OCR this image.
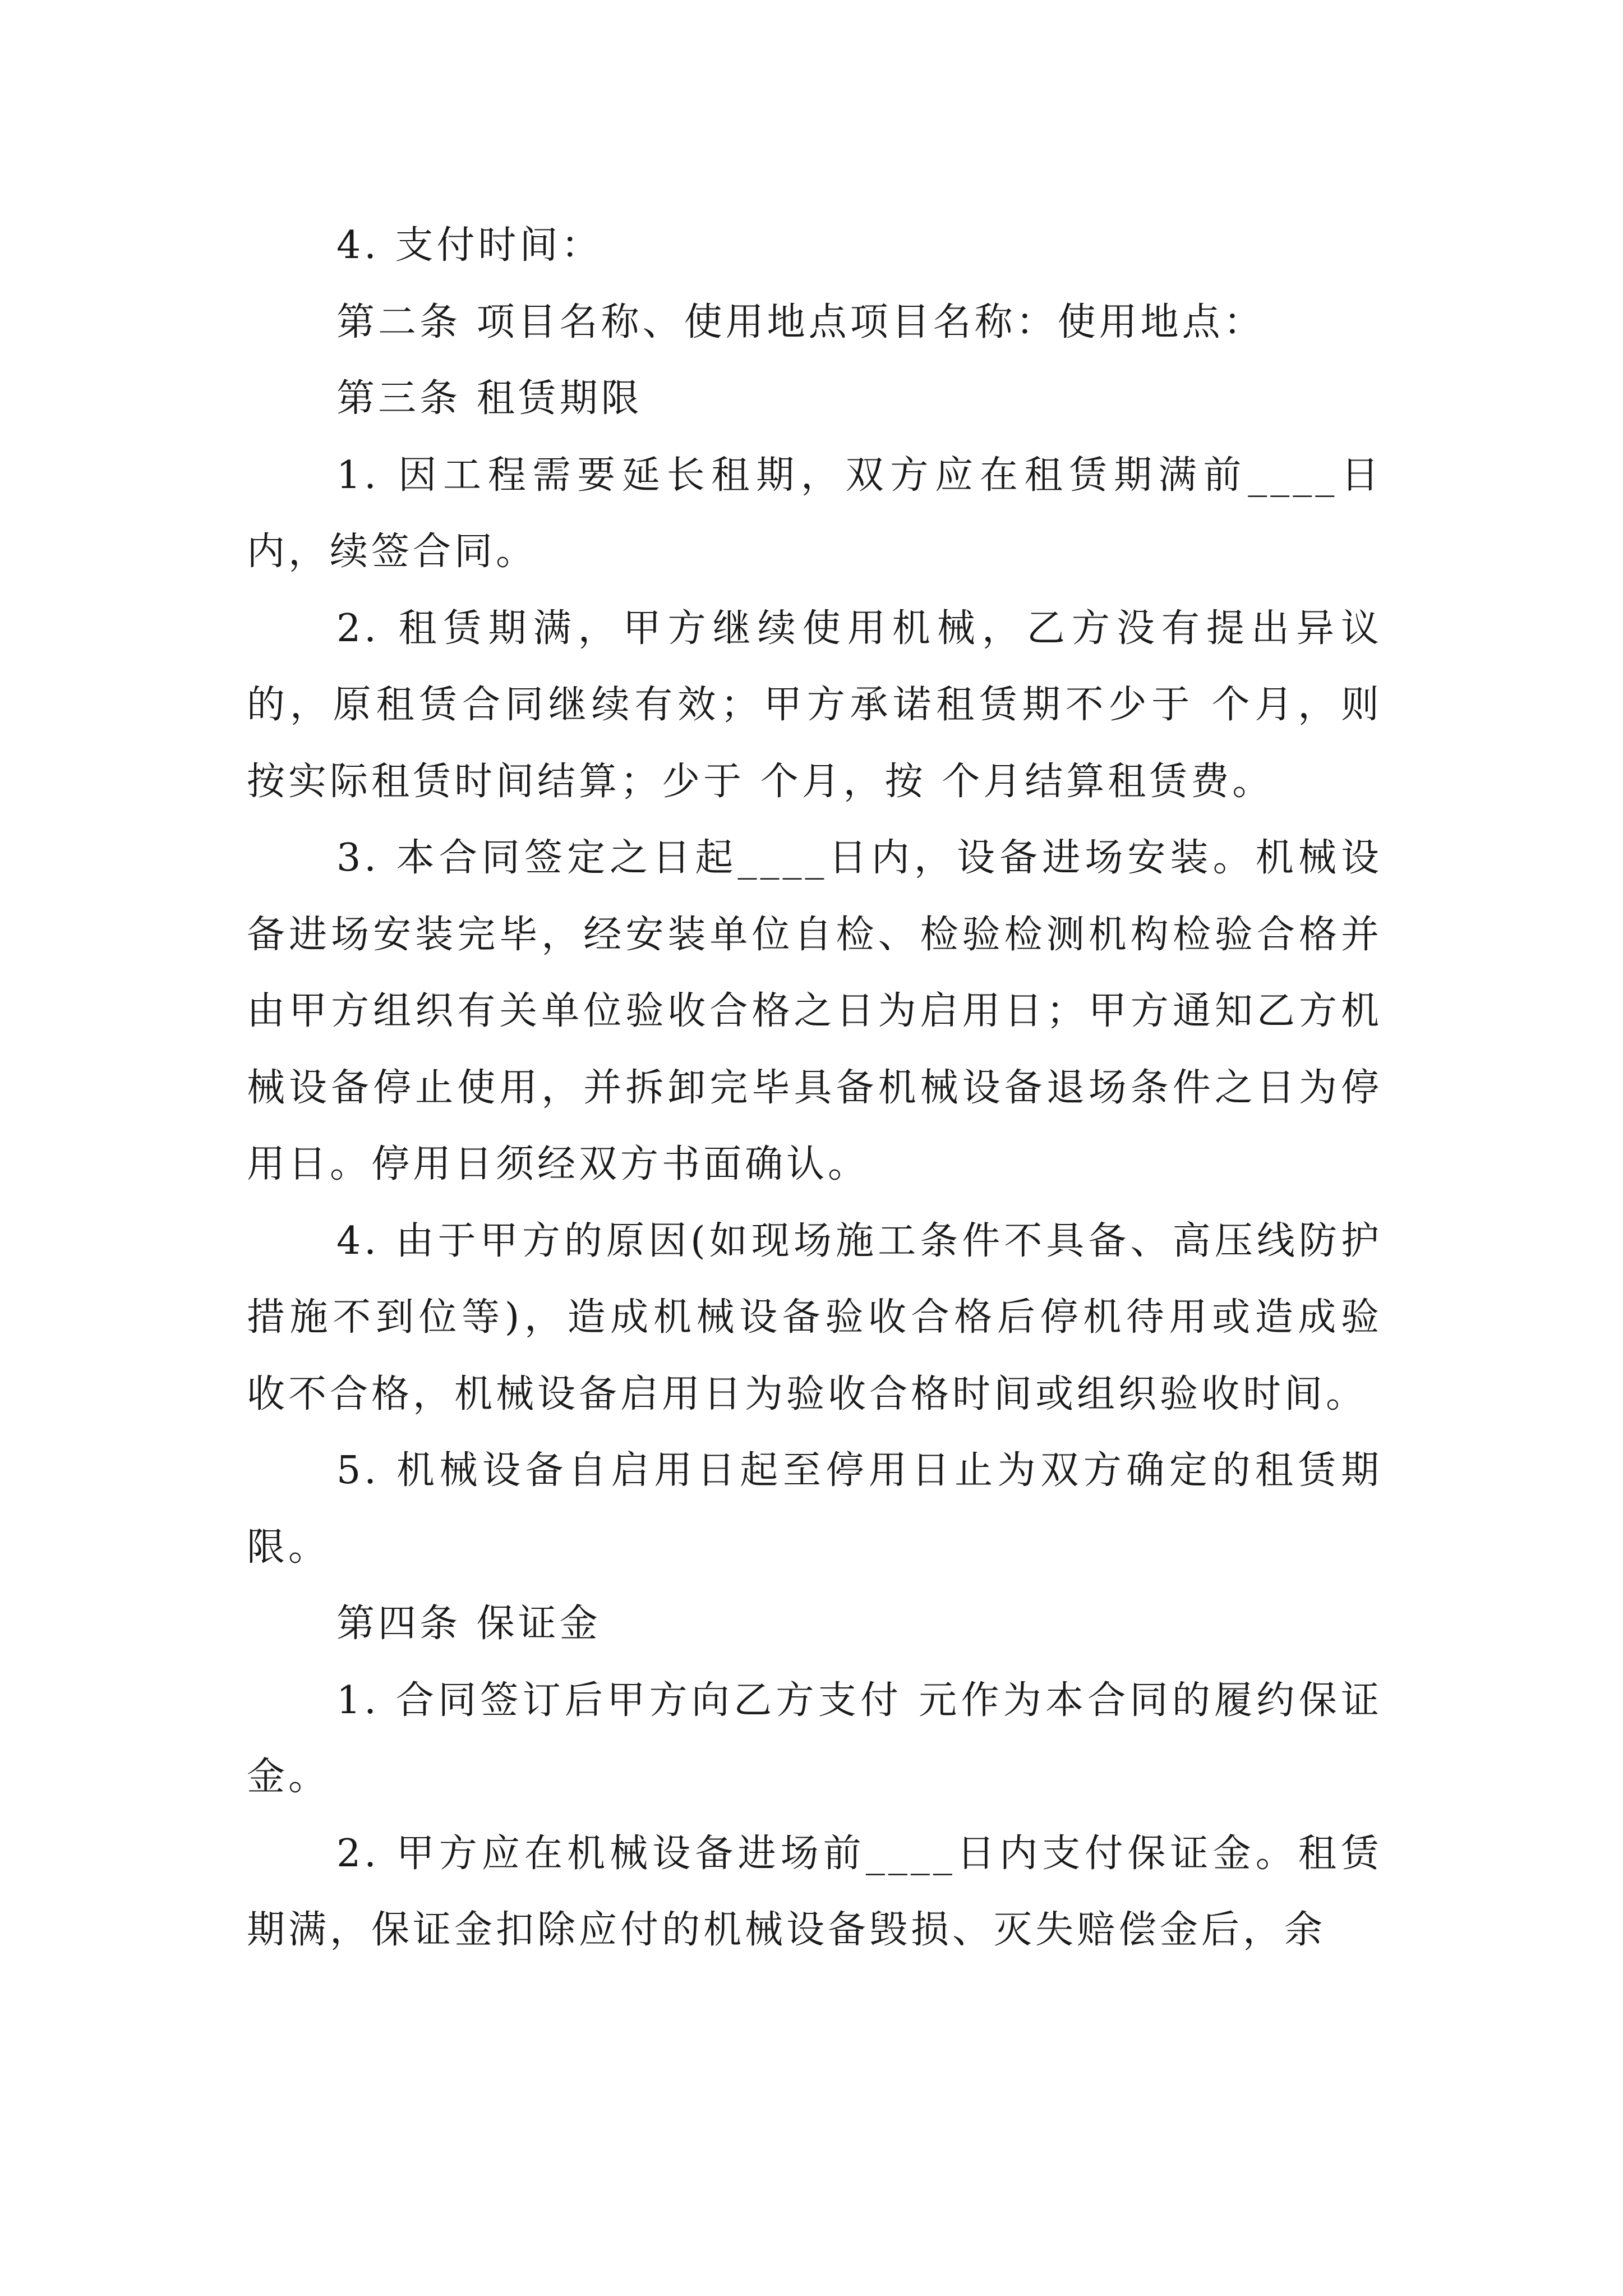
4. 支付时间：

第二条 项目名称、使用地点项目名称：使用地点：

第三条 租赁期限

1. 因工程需要延长租期，双方应在租赁期满前____日内，续签合同。

2. 租赁期满，甲方继续使用机械，乙方没有提出异议的，原租赁合同继续有效；甲方承诺租赁期不少于 个月，则按实际租赁时间结算；少于 个月，按 个月结算租赁费。

3. 本合同签定之日起____日内，设备进场安装。机械设备进场安装完毕，经安装单位自检、检验检测机构检验合格并由甲方组织有关单位验收合格之日为启用日；甲方通知乙方机械设备停止使用，并拆卸完毕具备机械设备退场条件之日为停用日。停用日须经双方书面确认。

4. 由于甲方的原因(如现场施工条件不具备、高压线防护措施不到位等)，造成机械设备验收合格后停机待用或造成验收不合格，机械设备启用日为验收合格时间或组织验收时间。

5. 机械设备自启用日起至停用日止为双方确定的租赁期限。

第四条 保证金

1. 合同签订后甲方向乙方支付 元作为本合同的履约保证金。

2. 甲方应在机械设备进场前____日内支付保证金。租赁期满，保证金扣除应付的机械设备毁损、灭失赔偿金后，余
